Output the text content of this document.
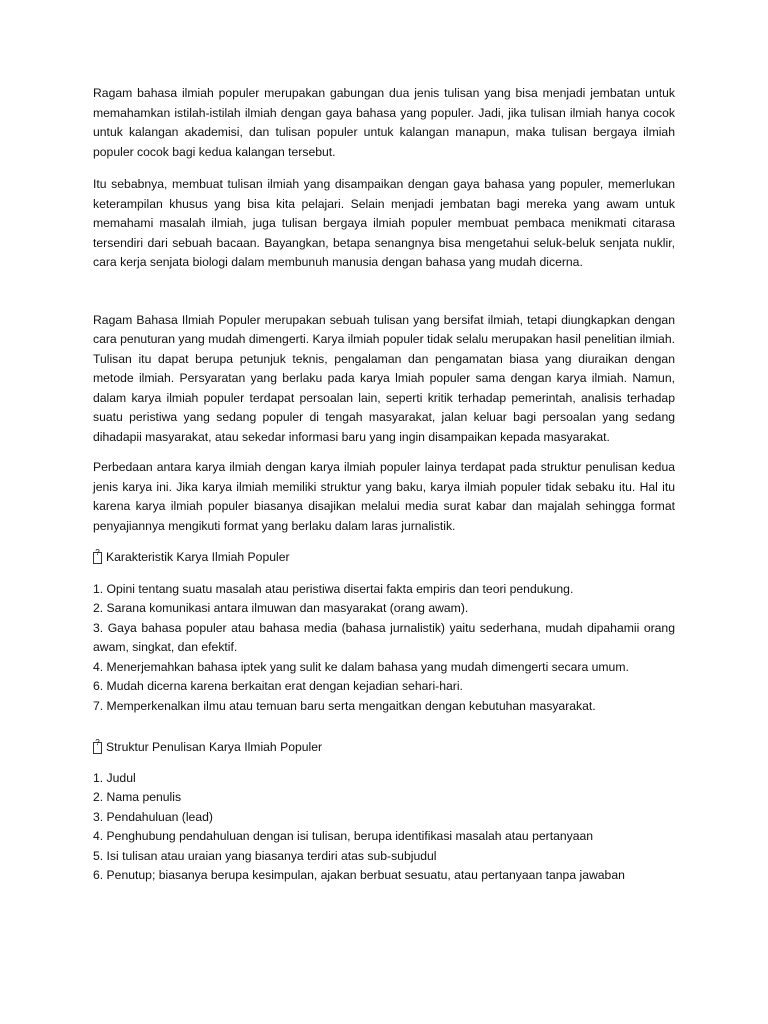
Ragam bahasa ilmiah populer merupakan gabungan dua jenis tulisan yang bisa menjadi jembatan untuk memahamkan istilah-istilah ilmiah dengan gaya bahasa yang populer. Jadi, jika tulisan ilmiah hanya cocok untuk kalangan akademisi, dan tulisan populer untuk kalangan manapun, maka tulisan bergaya ilmiah populer cocok bagi kedua kalangan tersebut.

Itu sebabnya, membuat tulisan ilmiah yang disampaikan dengan gaya bahasa yang populer, memerlukan keterampilan khusus yang bisa kita pelajari. Selain menjadi jembatan bagi mereka yang awam untuk memahami masalah ilmiah, juga tulisan bergaya ilmiah populer membuat pembaca menikmati citarasa tersendiri dari sebuah bacaan. Bayangkan, betapa senangnya bisa mengetahui seluk-beluk senjata nuklir, cara kerja senjata biologi dalam membunuh manusia dengan bahasa yang mudah dicerna.

Ragam Bahasa Ilmiah Populer merupakan sebuah tulisan yang bersifat ilmiah, tetapi diungkapkan dengan cara penuturan yang mudah dimengerti. Karya ilmiah populer tidak selalu merupakan hasil penelitian ilmiah. Tulisan itu dapat berupa petunjuk teknis, pengalaman dan pengamatan biasa yang diuraikan dengan metode ilmiah. Persyaratan yang berlaku pada karya lmiah populer sama dengan karya ilmiah. Namun, dalam karya ilmiah populer terdapat persoalan lain, seperti kritik terhadap pemerintah, analisis terhadap suatu peristiwa yang sedang populer di tengah masyarakat, jalan keluar bagi persoalan yang sedang dihadapii masyarakat, atau sekedar informasi baru yang ingin disampaikan kepada masyarakat.

Perbedaan antara karya ilmiah dengan karya ilmiah populer lainya terdapat pada struktur penulisan kedua jenis karya ini. Jika karya ilmiah memiliki struktur yang baku, karya ilmiah populer tidak sebaku itu. Hal itu karena karya ilmiah populer biasanya disajikan melalui media surat kabar dan majalah sehingga format penyajiannya mengikuti format yang berlaku dalam laras jurnalistik.

?
Karakteristik Karya Ilmiah Populer
1. Opini tentang suatu masalah atau peristiwa disertai fakta empiris dan teori pendukung.
2. Sarana komunikasi antara ilmuwan dan masyarakat (orang awam).
3. Gaya bahasa populer atau bahasa media (bahasa jurnalistik) yaitu sederhana, mudah dipahamii orang awam, singkat, dan efektif.
4. Menerjemahkan bahasa iptek yang sulit ke dalam bahasa yang mudah dimengerti secara umum.
6. Mudah dicerna karena berkaitan erat dengan kejadian sehari-hari.
7. Memperkenalkan ilmu atau temuan baru serta mengaitkan dengan kebutuhan masyarakat.
?
Struktur Penulisan Karya Ilmiah Populer
1. Judul
2. Nama penulis
3. Pendahuluan (lead)
4. Penghubung pendahuluan dengan isi tulisan, berupa identifikasi masalah atau pertanyaan
5. Isi tulisan atau uraian yang biasanya terdiri atas sub-subjudul
6. Penutup; biasanya berupa kesimpulan, ajakan berbuat sesuatu, atau pertanyaan tanpa jawaban
